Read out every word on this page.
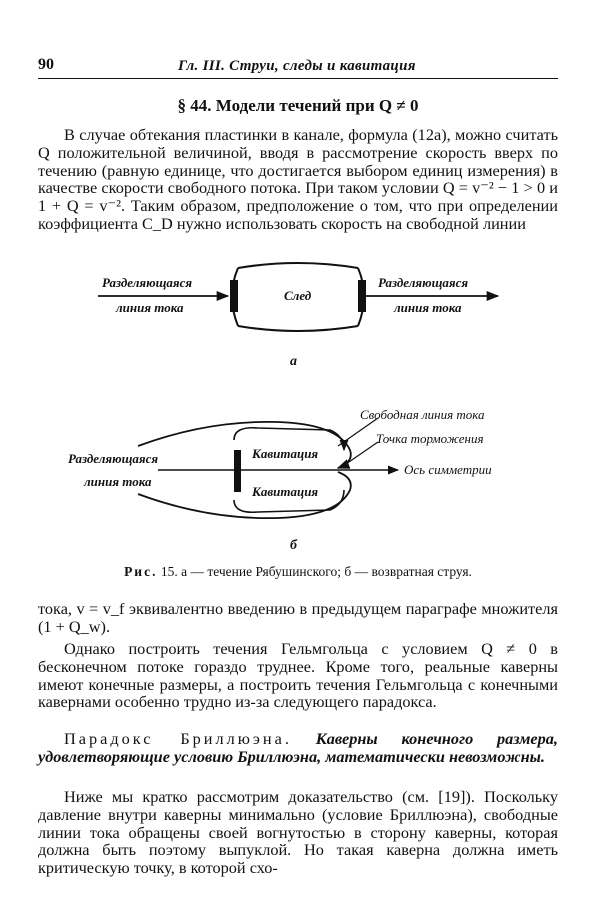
90	Гл. III. Струи, следы и кавитация
§ 44. Модели течений при Q ≠ 0

В случае обтекания пластинки в канале, формула (12а), можно считать Q положительной величиной, вводя в рассмотрение скорость вверх по течению (равную единице, что достигается выбором единиц измерения) в качестве скорости свободного потока. При таком условии Q = v⁻² − 1 > 0 и 1 + Q = v⁻². Таким образом, предположение о том, что при определении коэффициента C_D нужно использовать скорость на свободной линии

Разделяющаяся
линия тока
След
Разделяющаяся
линия тока
а
Свободная линия тока
Точка торможения
Разделяющаяся
линия тока
Кавитация
Кавитация
Ось симметрии
б
Рис. 15. а — течение Рябушинского; б — возвратная струя.

тока, v = v_f эквивалентно введению в предыдущем параграфе множителя (1 + Q_w).

Однако построить течения Гельмгольца с условием Q ≠ 0 в бесконечном потоке гораздо труднее. Кроме того, реальные каверны имеют конечные размеры, а построить течения Гельмгольца с конечными кавернами особенно трудно из-за следующего парадокса.

Парадокс Бриллюэна. Каверны конечного размера, удовлетворяющие условию Бриллюэна, математически невозможны.

Ниже мы кратко рассмотрим доказательство (см. [19]). Поскольку давление внутри каверны минимально (условие Бриллюэна), свободные линии тока обращены своей вогнутостью в сторону каверны, которая должна быть поэтому выпуклой. Но такая каверна должна иметь критическую точку, в которой схо-
